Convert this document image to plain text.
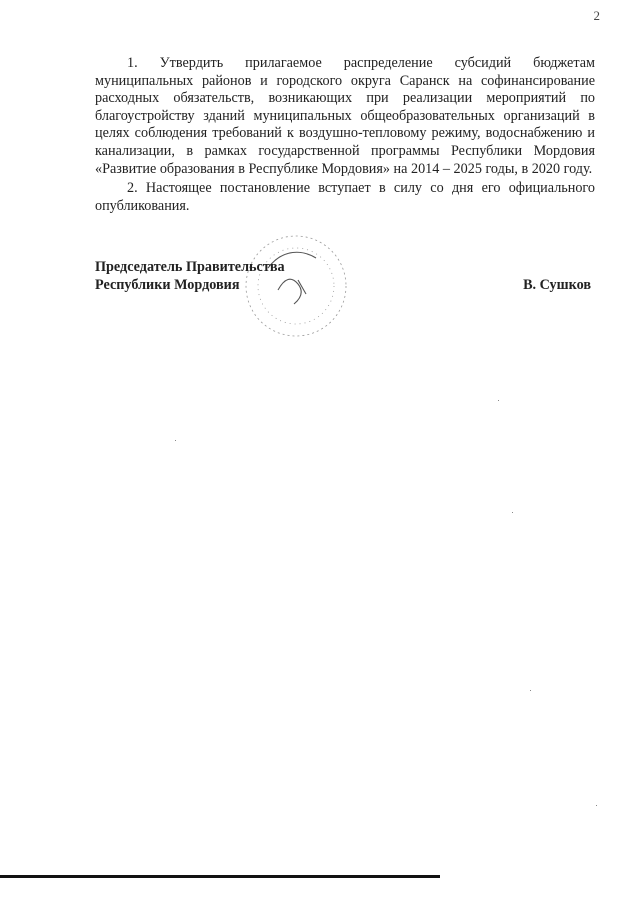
2

1. Утвердить прилагаемое распределение субсидий бюджетам муниципальных районов и городского округа Саранск на софинансирование расходных обязательств, возникающих при реализации мероприятий по благоустройству зданий муниципальных общеобразовательных организаций в целях соблюдения требований к воздушно-тепловому режиму, водоснабжению и канализации, в рамках государственной программы Республики Мордовия «Развитие образования в Республике Мордовия» на 2014 – 2025 годы, в 2020 году.

2. Настоящее постановление вступает в силу со дня его официального опубликования.

Председатель Правительства
Республики Мордовия	В. Сушков
